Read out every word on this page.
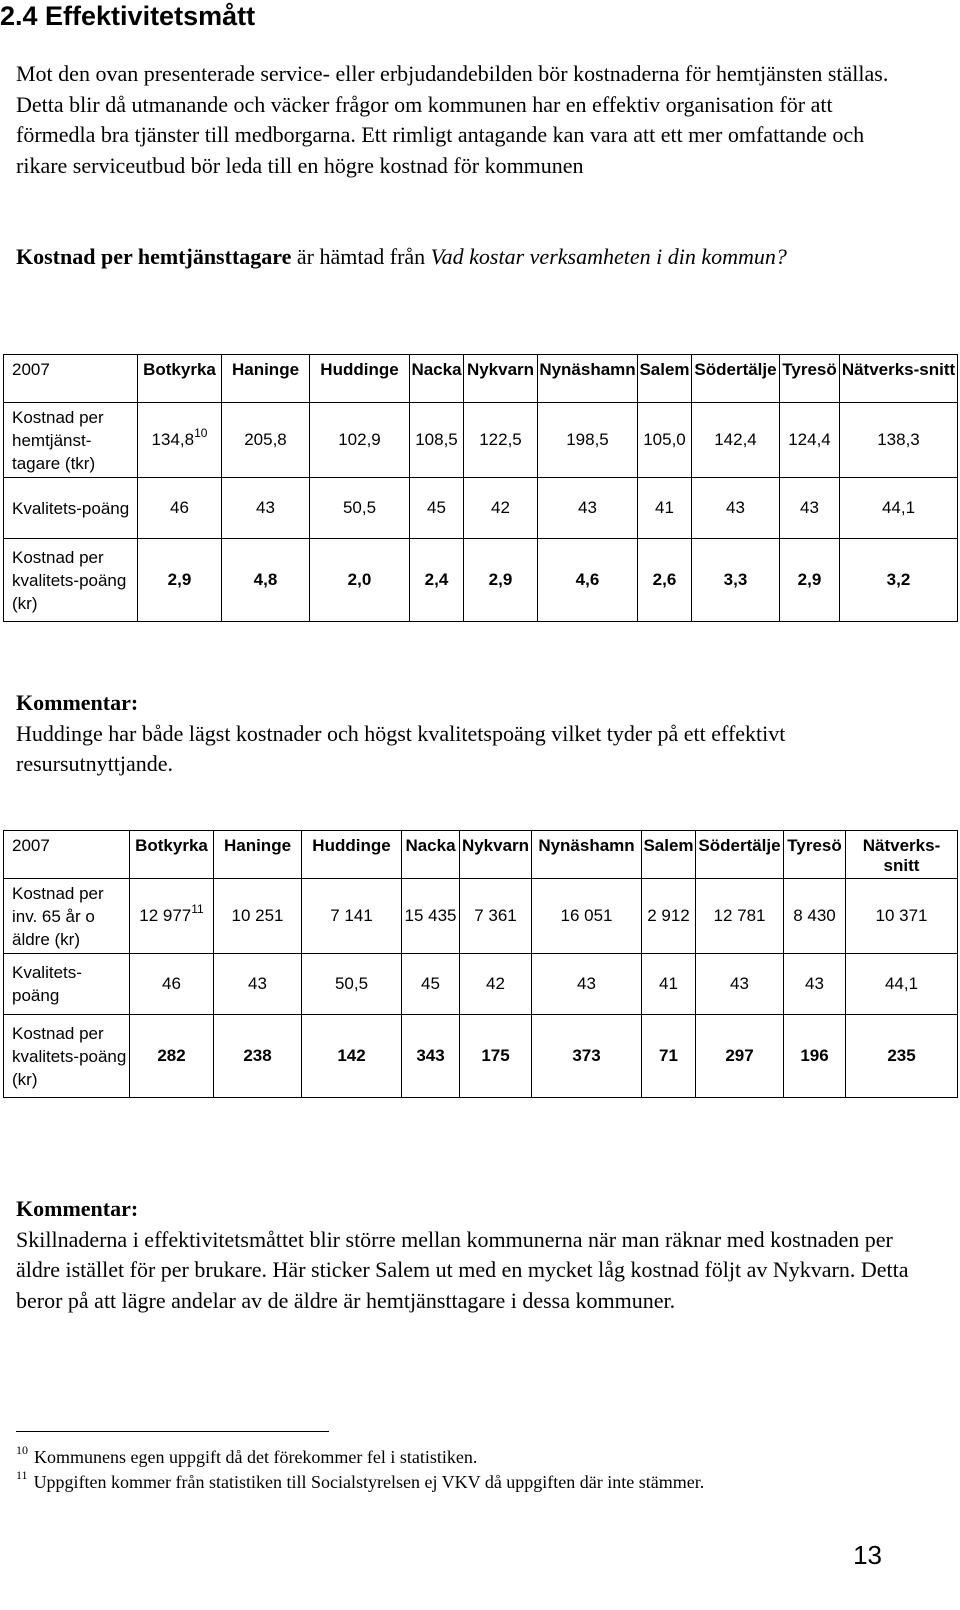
2.4 Effektivitetsmått

Mot den ovan presenterade service- eller erbjudandebilden bör kostnaderna för hemtjänsten ställas. Detta blir då utmanande och väcker frågor om kommunen har en effektiv organisation för att förmedla bra tjänster till medborgarna. Ett rimligt antagande kan vara att ett mer omfattande och rikare serviceutbud bör leda till en högre kostnad för kommunen

Kostnad per hemtjänsttagare är hämtad från Vad kostar verksamheten i din kommun?

2007	Botkyrka	Haninge	Huddinge	Nacka	Nykvarn	Nynäshamn	Salem	Södertälje	Tyresö	Nätverks-snitt
Kostnad per hemtjänst-tagare (tkr)	134,8$^{10}$	205,8	102,9	108,5	122,5	198,5	105,0	142,4	124,4	138,3
Kvalitets-poäng	46	43	50,5	45	42	43	41	43	43	44,1
Kostnad per kvalitets-poäng (kr)	2,9	4,8	2,0	2,4	2,9	4,6	2,6	3,3	2,9	3,2

Kommentar:
Huddinge har både lägst kostnader och högst kvalitetspoäng vilket tyder på ett effektivt resursutnyttjande.

2007	Botkyrka	Haninge	Huddinge	Nacka	Nykvarn	Nynäshamn	Salem	Södertälje	Tyresö	Nätverks-snitt
Kostnad per inv. 65 år o äldre (kr)	12 $977^{11}$	10 251	7 141	15 435	7 361	16 051	2 912	12 781	8 430	10 371
Kvalitets-poäng	46	43	50,5	45	42	43	41	43	43	44,1
Kostnad per kvalitets-poäng (kr)	282	238	142	343	175	373	71	297	196	235

Kommentar:
Skillnaderna i effektivitetsmåttet blir större mellan kommunerna när man räknar med kostnaden per äldre istället för per brukare. Här sticker Salem ut med en mycket låg kostnad följt av Nykvarn. Detta beror på att lägre andelar av de äldre är hemtjänsttagare i dessa kommuner.

$^{10}$ Kommunens egen uppgift då det förekommer fel i statistiken.
$^{11}$ Uppgiften kommer från statistiken till Socialstyrelsen ej VKV då uppgiften där inte stämmer.
13
